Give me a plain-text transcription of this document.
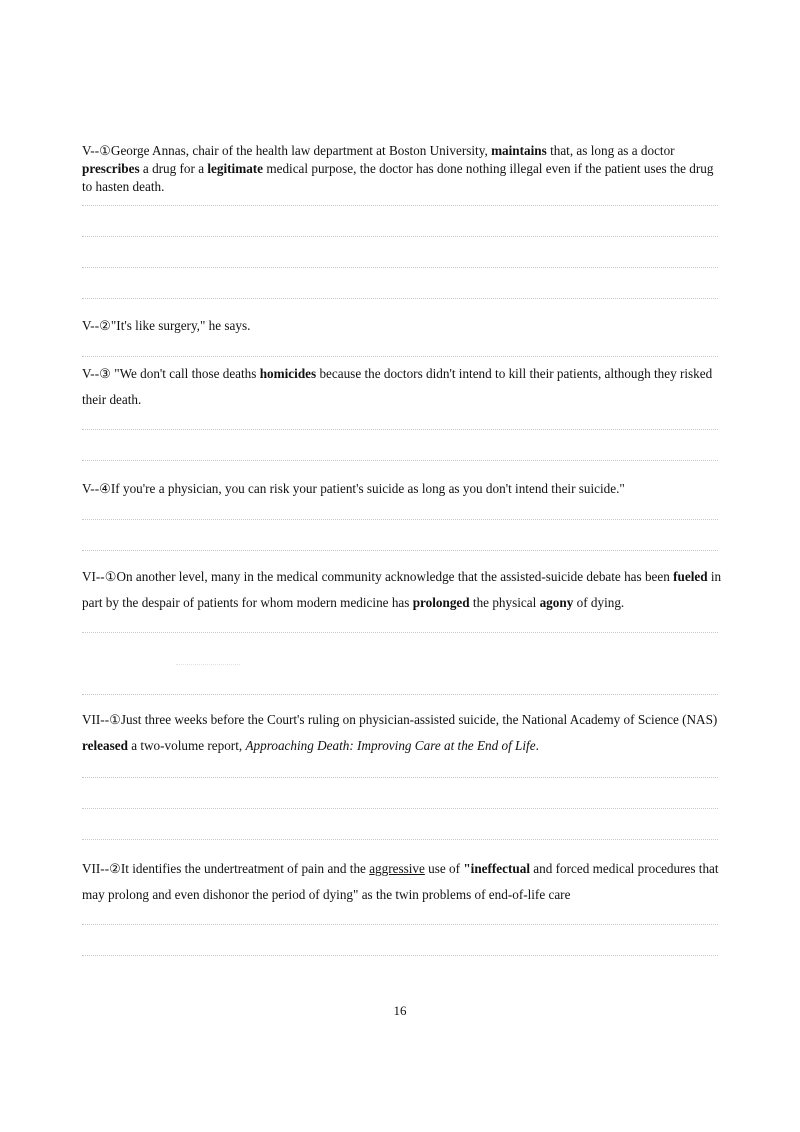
V--①George Annas, chair of the health law department at Boston University, maintains that, as long as a doctor prescribes a drug for a legitimate medical purpose, the doctor has done nothing illegal even if the patient uses the drug to hasten death.
V--②"It's like surgery," he says.
V--③ "We don't call those deaths homicides because the doctors didn't intend to kill their patients, although they risked their death.
V--④If you're a physician, you can risk your patient's suicide as long as you don't intend their suicide."
VI--①On another level, many in the medical community acknowledge that the assisted-suicide debate has been fueled in part by the despair of patients for whom modern medicine has prolonged the physical agony of dying.
VII--①Just three weeks before the Court's ruling on physician-assisted suicide, the National Academy of Science (NAS) released a two-volume report, Approaching Death: Improving Care at the End of Life.
VII--②It identifies the undertreatment of pain and the aggressive use of "ineffectual and forced medical procedures that may prolong and even dishonor the period of dying" as the twin problems of end-of-life care
16
